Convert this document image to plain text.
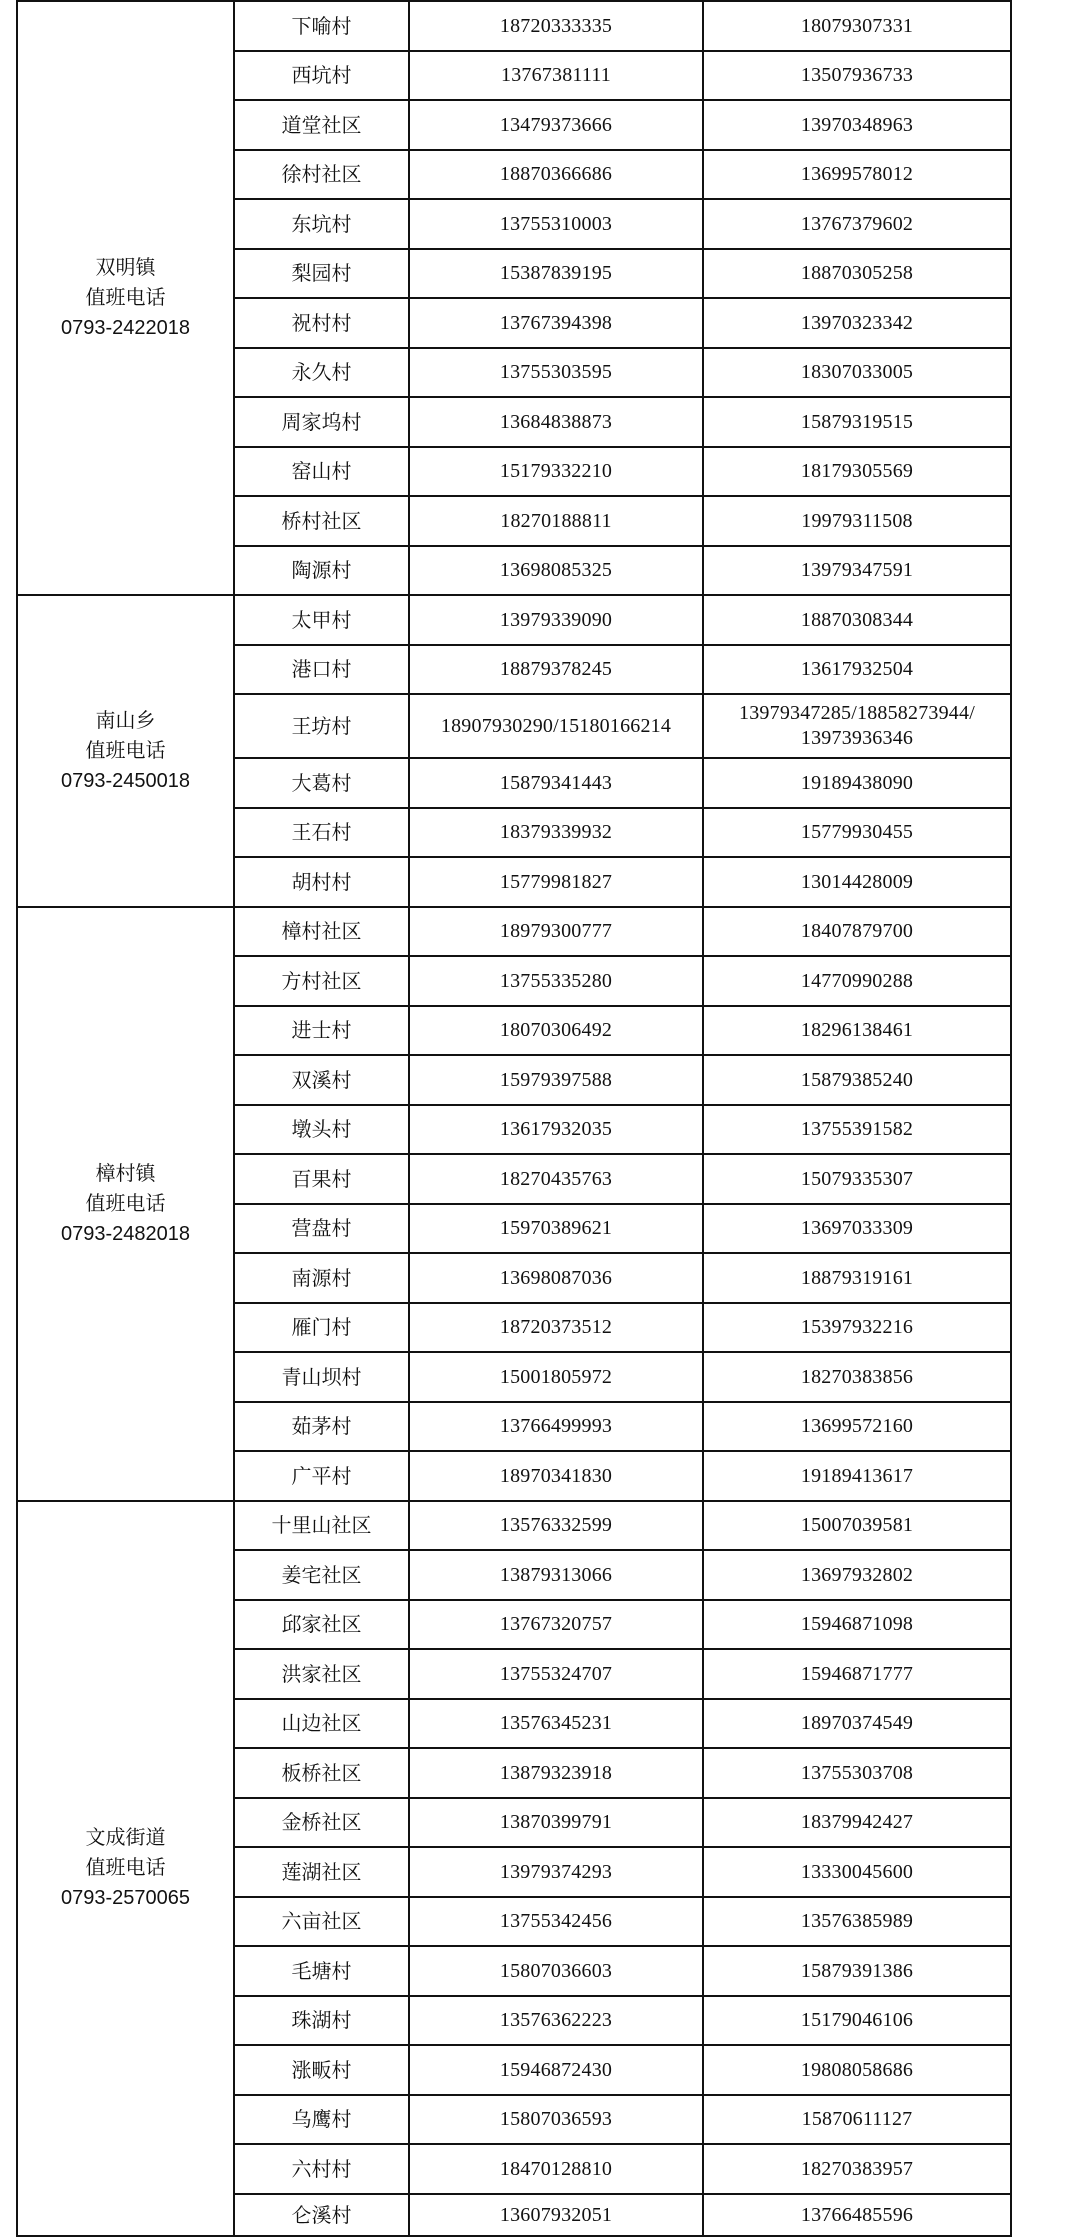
双明镇
值班电话
0793-2422018	下喻村	18720333335	18079307331	
	西坑村	13767381111	13507936733	
	道堂社区	13479373666	13970348963	
	徐村社区	18870366686	13699578012	
	东坑村	13755310003	13767379602	
	梨园村	15387839195	18870305258	
	祝村村	13767394398	13970323342	
	永久村	13755303595	18307033005	
	周家坞村	13684838873	15879319515	
	窑山村	15179332210	18179305569	
	桥村社区	18270188811	19979311508	
	陶源村	13698085325	13979347591	

南山乡
值班电话
0793-2450018	太甲村	13979339090	18870308344	
	港口村	18879378245	13617932504	
	王坊村	18907930290/15180166214	13979347285/18858273944/
13973936346	

	大葛村	15879341443	19189438090	
	王石村	18379339932	15779930455	
	胡村村	15779981827	13014428009	

樟村镇
值班电话
0793-2482018	樟村社区	18979300777	18407879700	
	方村社区	13755335280	14770990288	
	进士村	18070306492	18296138461	
	双溪村	15979397588	15879385240	
	墩头村	13617932035	13755391582	
	百果村	18270435763	15079335307	
	营盘村	15970389621	13697033309	
	南源村	13698087036	18879319161	
	雁门村	18720373512	15397932216	
	青山坝村	15001805972	18270383856	
	茹茅村	13766499993	13699572160	
	广平村	18970341830	19189413617	

文成街道
值班电话
0793-2570065	十里山社区	13576332599	15007039581	
	姜宅社区	13879313066	13697932802	
	邱家社区	13767320757	15946871098	
	洪家社区	13755324707	15946871777	
	山边社区	13576345231	18970374549	
	板桥社区	13879323918	13755303708	
	金桥社区	13870399791	18379942427	
	莲湖社区	13979374293	13330045600	
	六亩社区	13755342456	13576385989	
	毛塘村	15807036603	15879391386	
	珠湖村	13576362223	15179046106	
	涨畈村	15946872430	19808058686	
	乌鹰村	15807036593	15870611127	
	六村村	18470128810	18270383957	
	仑溪村	13607932051	13766485596	
